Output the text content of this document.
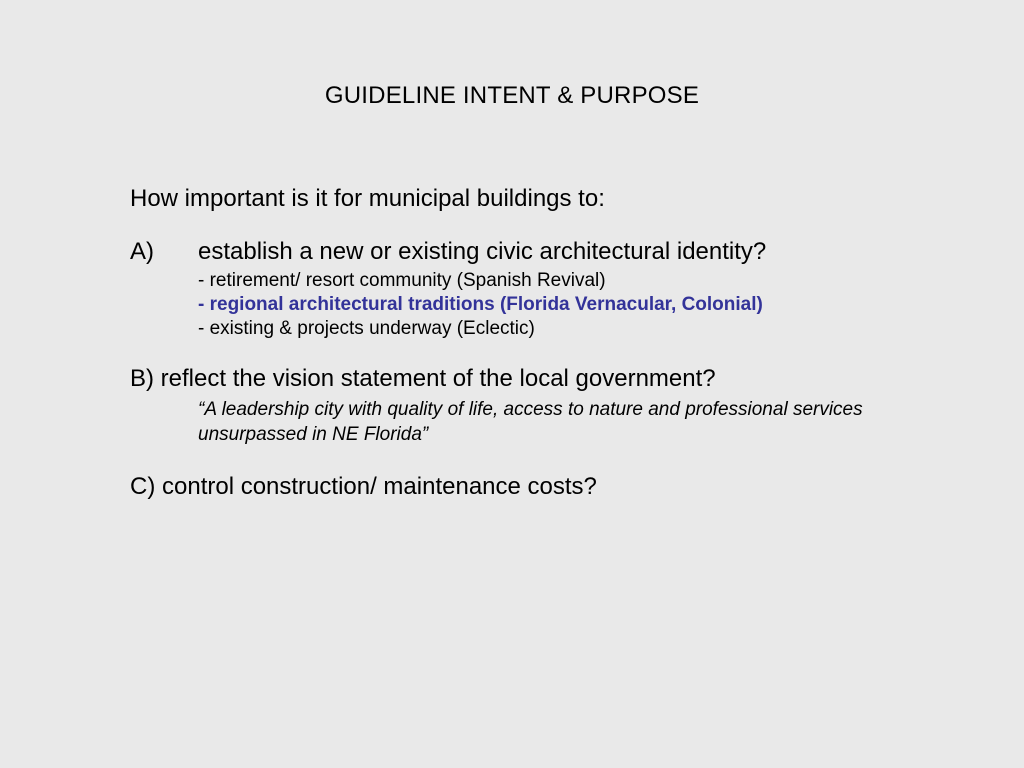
GUIDELINE INTENT & PURPOSE
How important is it for municipal buildings to:
A)	establish a new or existing civic architectural identity?
- retirement/ resort community (Spanish Revival)
- regional architectural traditions (Florida Vernacular, Colonial)
- existing & projects underway (Eclectic)
B) reflect the vision statement of the local government?
“A leadership city with quality of life, access to nature and professional services unsurpassed in NE Florida”
C) control construction/ maintenance costs?
